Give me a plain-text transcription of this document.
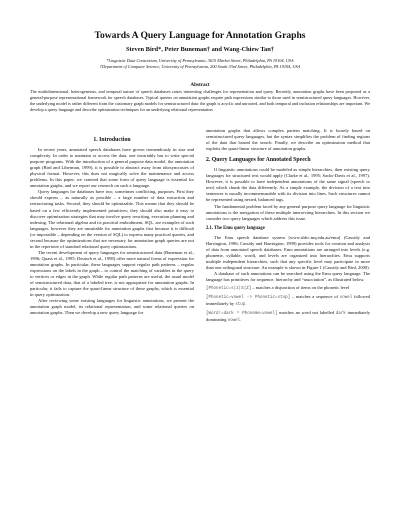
Towards A Query Language for Annotation Graphs
Steven Bird*, Peter Buneman† and Wang-Chiew Tan†
*Linguistic Data Consortium, University of Pennsylvania, 3615 Market Street, Philadelphia, PA 19104, USA
†Department of Computer Science, University of Pennsylvania, 200 South 33rd Street, Philadelphia, PA 19104, USA
Abstract
The multidimensional, heterogeneous, and temporal nature of speech databases raises interesting challenges for representation and query. Recently, annotation graphs have been proposed as a general-purpose representational framework for speech databases. Typical queries on annotation graphs require path expressions similar to those used in semistructured query languages. However, the underlying model is rather different from the customary graph models for semistructured data: the graph is acyclic and unrooted, and both temporal and inclusion relationships are important. We develop a query language and describe optimization techniques for an underlying relational representation.
1. Introduction

In recent years, annotated speech databases have grown tremendously in size and complexity. In order to maintain or access the data, one invariably has to write special purpose programs. With the introduction of a general purpose data model, the annotation graph (Bird and Liberman, 1999), it is possible to abstract away from idiosyncrasies of physical format. However, this does not magically solve the maintenance and access problems. In this paper, we contend that some form of query language is essential for annotation graphs, and we report our research on such a language.

Query languages for databases have two, sometimes conflicting, purposes. First they should express – as naturally as possible – a large number of data extraction and restructuring tasks. Second, they should be optimizable. This means that they should be based on a few efficiently implemented primitives; they should also make it easy to discover optimization strategies that may involve query rewriting, execution planning and indexing. The relational algebra and its practical embodiment, SQL, are examples of such languages, however they are unsuitable for annotation graphs first because it is difficult (or impossible – depending on the version of SQL) to express many practical queries, and second because the optimizations that are necessary for annotation graph queries are not in the repertoire of standard relational query optimizations.

The recent development of query languages for semistructured data (Buneman et al., 1996; Quass et al., 1995; Deutsch et al., 1998) offer more natural forms of expression for annotation graphs. In particular, these languages support regular path patterns – regular expressions on the labels in the graph – to control the matching of variables in the query to vertices or edges in the graph. While regular path patterns are useful, the usual model of semistructured data, that of a labeled tree, is not appropriate for annotation graphs. In particular, it fails to capture the quasi-linear structure of these graphs, which is essential in query optimization.

After reviewing some existing languages for linguistic annotations, we present the annotation graph model, its relational representation, and some relational queries on annotation graphs. Then we develop a new query language for

annotation graphs that allows complex pattern matching. It is loosely based on semistructured query languages, but the syntax simplifies the problem of finding regions of the data that bound the search. Finally, we describe an optimization method that exploits the quasi-linear structure of annotation graphs.

2. Query Languages for Annotated Speech

If linguistic annotations could be modeled as simple hierarchies, then existing query languages for structured text would apply (Clarke et al., 1995; Sacks-Davis et al., 1997). However, it is possible to have independent annotations of the same signal (speech or text) which chunk the data differently. As a simple example, the division of a text into sentences is usually incommensurable with its division into lines. Such structures cannot be represented using nested, balanced tags.

The fundamental problem faced by any general purpose query language for linguistic annotations is the navigation of these multiple intersecting hierarchies. In this section we consider two query languages which address this issue.

2.1. The Emu query language

The Emu speech database system [www.shlrc.mq.edu.au/emu] (Cassidy and Harrington, 1996; Cassidy and Harrington, 1999) provides tools for creation and analysis of data from annotated speech databases. Emu annotations are arranged into levels (e.g. phoneme, syllable, word), and levels are organized into hierarchies. Emu supports multiple independent hierarchies, such that any specific level may participate in more than one orthogonal structure. An example is shown in Figure 1 (Cassidy and Bird, 2000).

A database of such annotations can be searched using the Emu query language. The language has primitives for sequence, hierarchy and “association”, as illustrated below.

[Phonetic=s|z|S|Z] – matches a disjunction of items on the phonetic level
[Phonetic=vowel -> Phonetic=stop] – matches a sequence of vowel followed immediately by stop.
[Word!=dark ^ Phoneme=vowel] matches an word not labelled dark immediately dominating vowel.
